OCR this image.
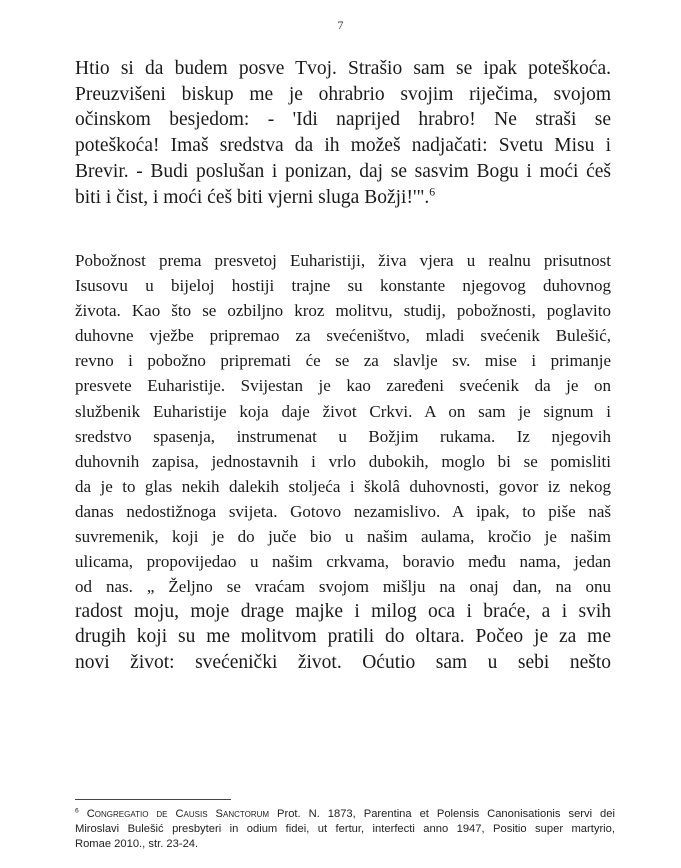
7
Htio si da budem posve Tvoj. Strašio sam se ipak poteškoća.
Preuzvišeni biskup me je ohrabrio svojim riječima, svojom
očinskom besjedom: - 'Idi naprijed hrabro! Ne straši se
poteškoća! Imaš sredstva da ih možeš nadjačati: Svetu Misu i
Brevir. - Budi poslušan i ponizan, daj se sasvim Bogu i moći ćeš
biti i čist, i moći ćeš biti vjerni sluga Božji!'".$^6$
Pobožnost prema presvetoj Euharistiji, živa vjera u realnu prisutnost
Isusovu u bijeloj hostiji trajne su konstante njegovog duhovnog
života. Kao što se ozbiljno kroz molitvu, studij, pobožnosti, poglavito
duhovne vježbe pripremao za svećeništvo, mladi svećenik Bulešić,
revno i pobožno pripremati će se za slavlje sv. mise i primanje
presvete Euharistije. Svijestan je kao zaređeni svećenik da je on
službenik Euharistije koja daje život Crkvi. A on sam je signum i
sredstvo spasenja, instrumenat u Božjim rukama. Iz njegovih
duhovnih zapisa, jednostavnih i vrlo dubokih, moglo bi se pomisliti
da je to glas nekih dalekih stoljeća i školâ duhovnosti, govor iz nekog
danas nedostižnoga svijeta. Gotovo nezamislivo. A ipak, to piše naš
suvremenik, koji je do juče bio u našim aulama, kročio je našim
ulicama, propovijedao u našim crkvama, boravio među nama, jedan
od nas. „ Željno se vraćam svojom mišlju na onaj dan, na onu
radost moju, moje drage majke i milog oca i braće, a i svih
drugih koji su me molitvom pratili do oltara. Počeo je za me
novi život: svećenički život. Oćutio sam u sebi nešto
$^6$ Congregatio de Causis Sanctorum Prot. N. 1873, Parentina et Polensis Canonisationis servi dei
Miroslavi Bulešić presbyteri in odium fidei, ut fertur, interfecti anno 1947, Positio super martyrio,
Romae 2010., str. 23-24.
